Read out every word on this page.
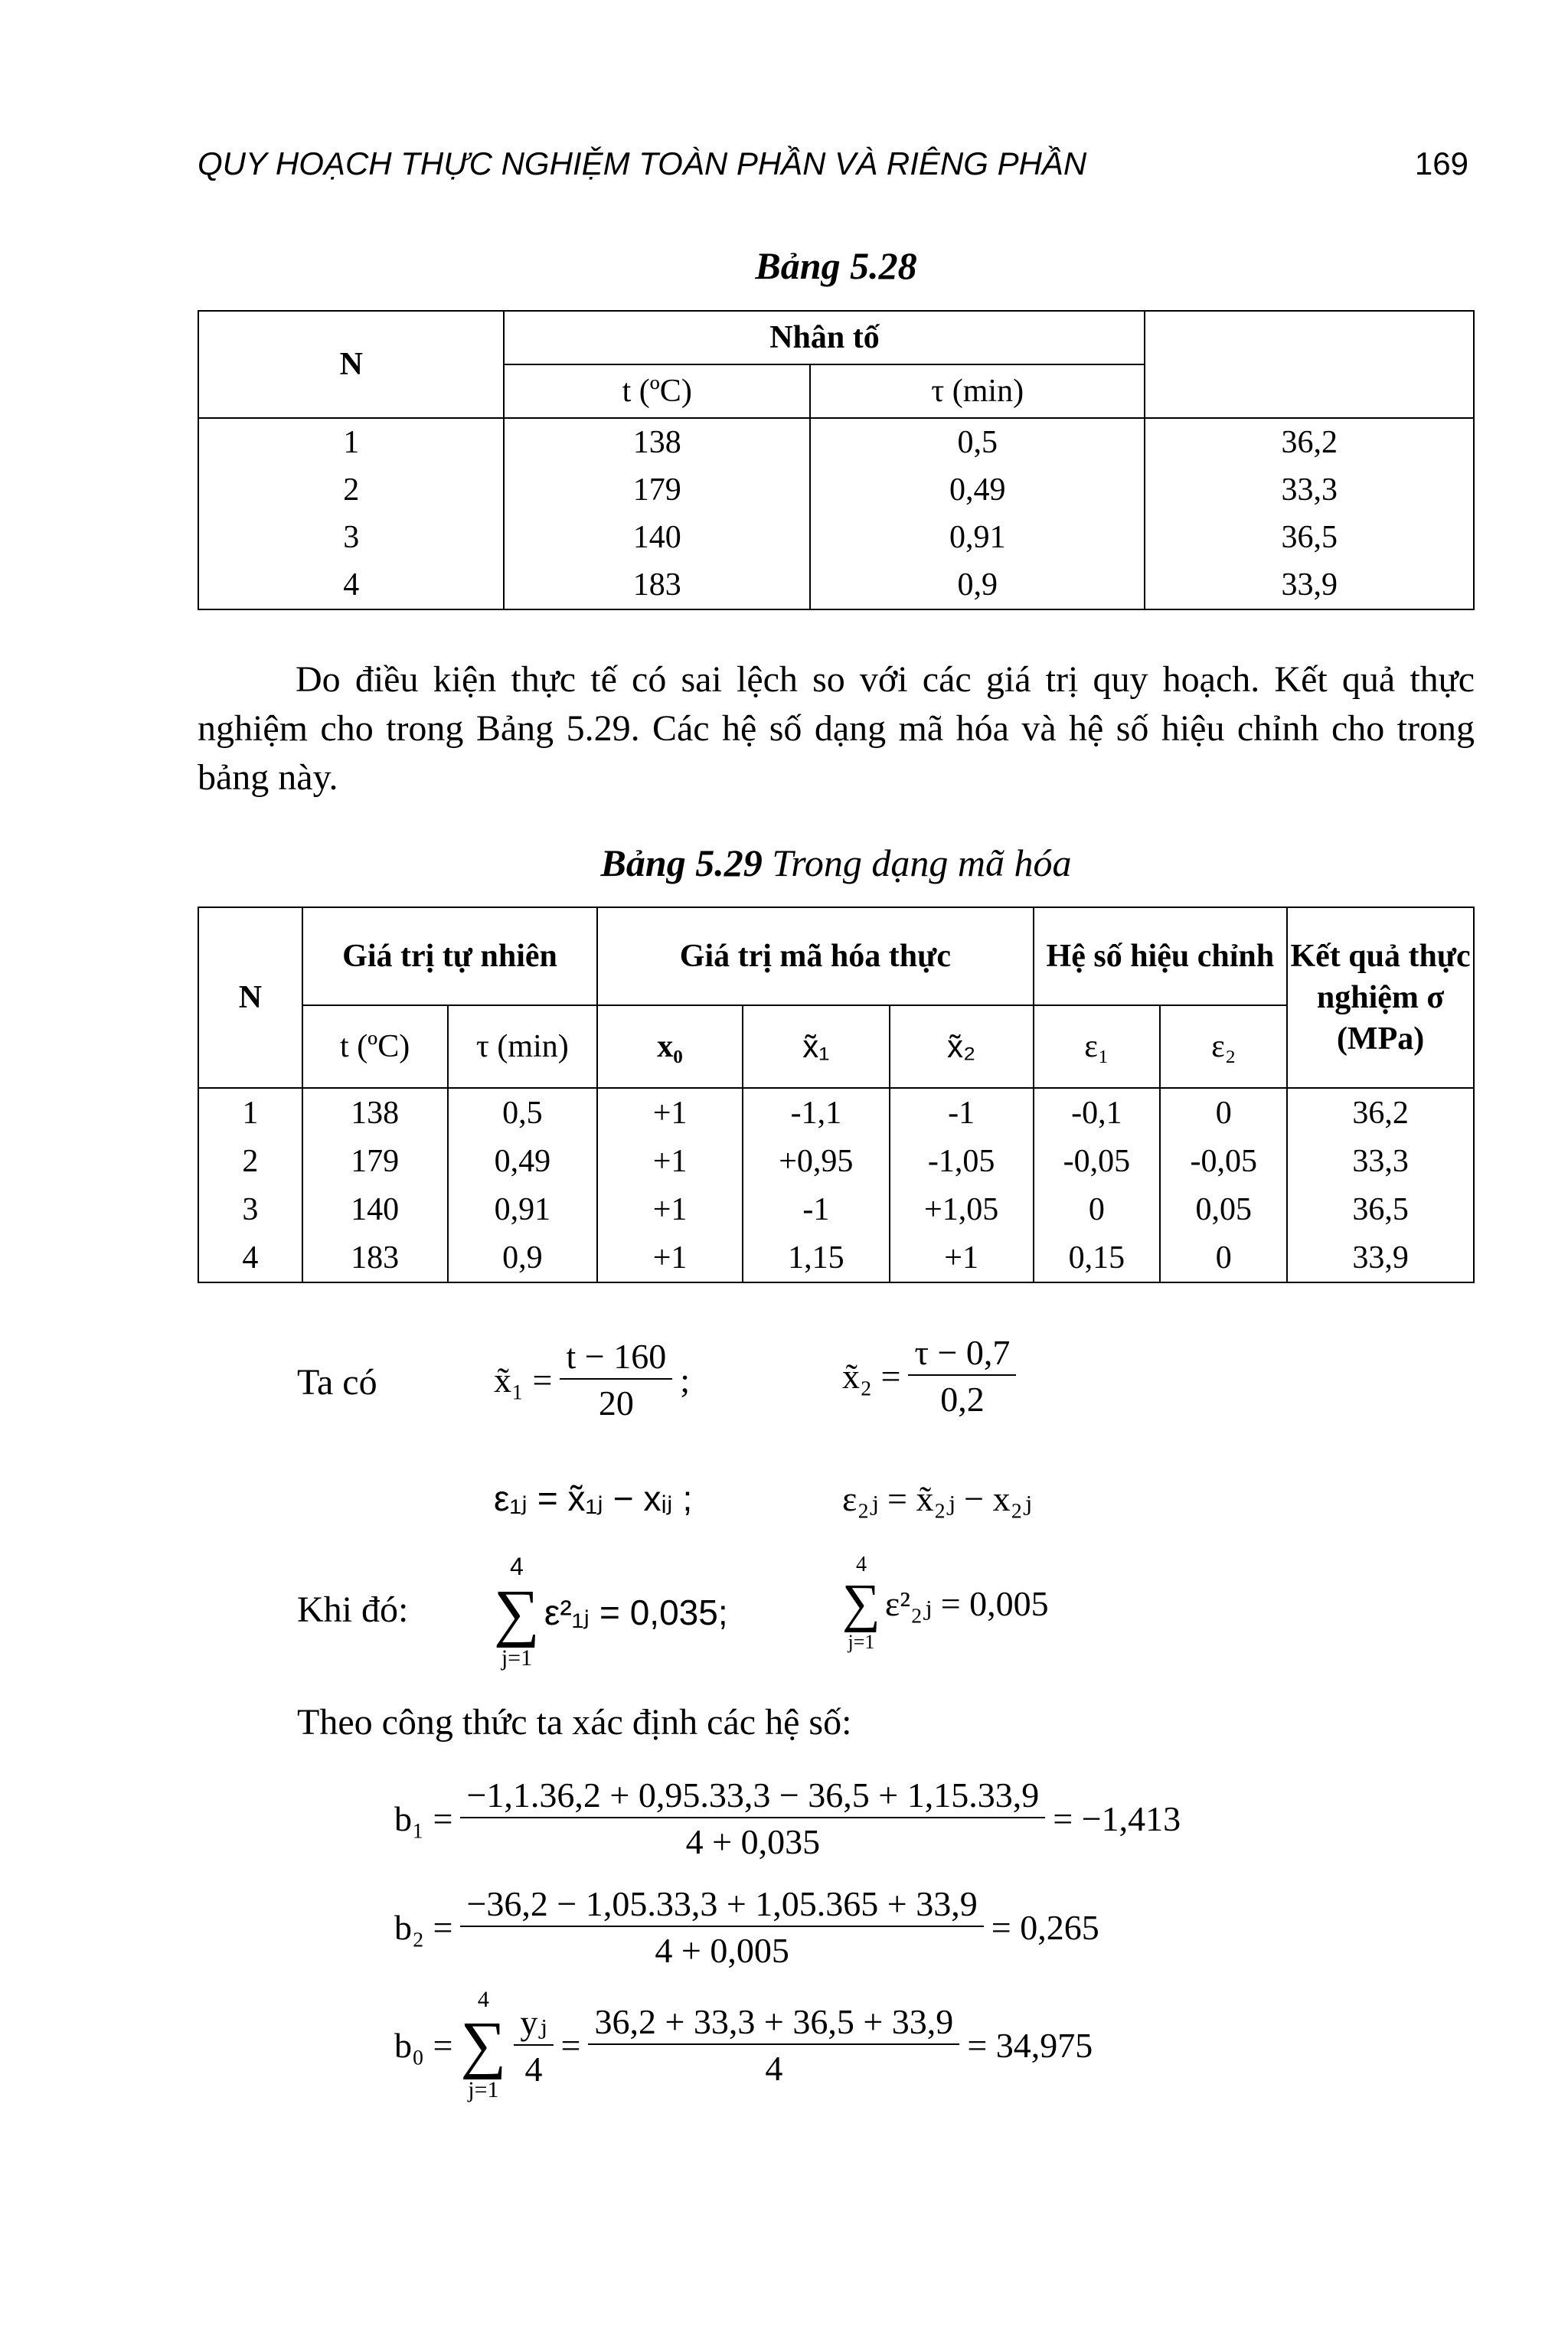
QUY HOẠCH THỰC NGHIỆM TOÀN PHẦN VÀ RIÊNG PHẦN	169
Bảng 5.28
N	Nhân tố		
	t (ºC)	τ (min)	
1	138	0,5	36,2
2	179	0,49	33,3
3	140	0,91	36,5
4	183	0,9	33,9
Do điều kiện thực tế có sai lệch so với các giá trị quy hoạch. Kết quả thực nghiệm cho trong Bảng 5.29. Các hệ số dạng mã hóa và hệ số hiệu chỉnh cho trong bảng này.
Bảng 5.29 Trong dạng mã hóa
N	Giá trị tự nhiên		Giá trị mã hóa thực			Hệ số hiệu chỉnh		Kết quả thực nghiệm σ (MPa)
	t (ºC)	τ (min)	x₀	x̃₁	x̃₂	ε₁	ε₂	
1	138	0,5	+1	-1,1	-1	-0,1	0	36,2
2	179	0,49	+1	+0,95	-1,05	-0,05	-0,05	33,3
3	140	0,91	+1	-1	+1,05	0	0,05	36,5
4	183	0,9	+1	1,15	+1	0,15	0	33,9
Ta có	x̃₁ = $\frac{t - 160}{20}$ ;	x̃₂ = $\frac{\tau - 0,7}{0,2}$
ε₁ⱼ = x̃₁ⱼ − xᵢⱼ ;	ε₂ⱼ = x̃₂ⱼ − x₂ⱼ
Khi đó:
4
∑
j=1
ε²₁ⱼ = 0,035;
4
∑
j=1
ε²₂ⱼ = 0,005
Theo công thức ta xác định các hệ số:
$b_1 = \frac{-1,1.36,2 + 0,95.33,3 - 36,5 + 1,15.33,9}{4 + 0,035} = -1,413$
$b_2 = \frac{-36,2 - 1,05.33,3 + 1,05.365 + 33,9}{4 + 0,005} = 0,265$
b₀ =
4
∑
j=1
$\frac{\text{yⱼ}}{4} = \frac{36,2 + 33,3 + 36,5 + 33,9}{4} = 34,975$
